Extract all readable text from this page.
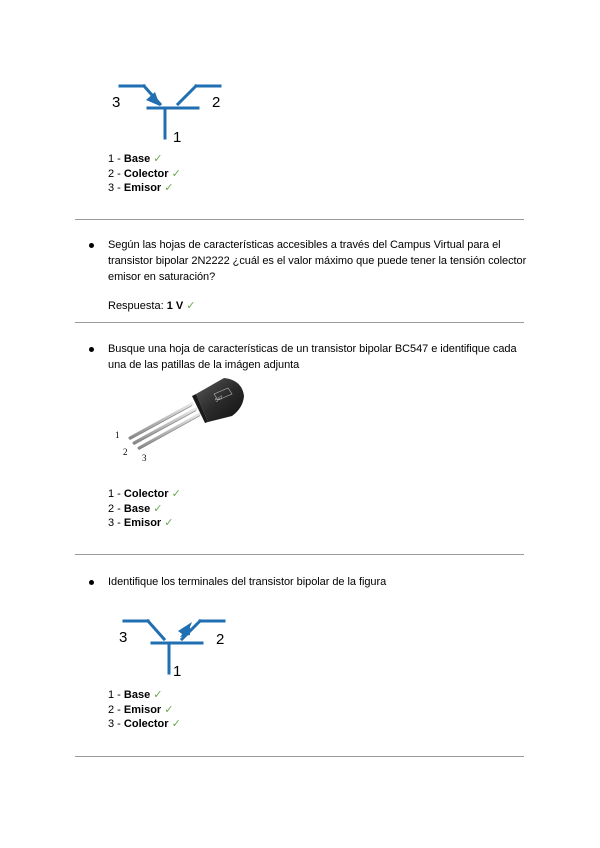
3	2
1
1 - Base ✓
2 - Colector ✓
3 - Emisor ✓
Según las hojas de características accesibles a través del Campus Virtual para el transistor bipolar 2N2222 ¿cuál es el valor máximo que puede tener la tensión colector emisor en saturación?
Respuesta: 1 V ✓
Busque una hoja de características de un transistor bipolar BC547 e identifique cada una de las patillas de la imágen adjunta
547
1
2
3
1 - Colector ✓
2 - Base ✓
3 - Emisor ✓
Identifique los terminales del transistor bipolar de la figura
3	2
1
1 - Base ✓
2 - Emisor ✓
3 - Colector ✓
